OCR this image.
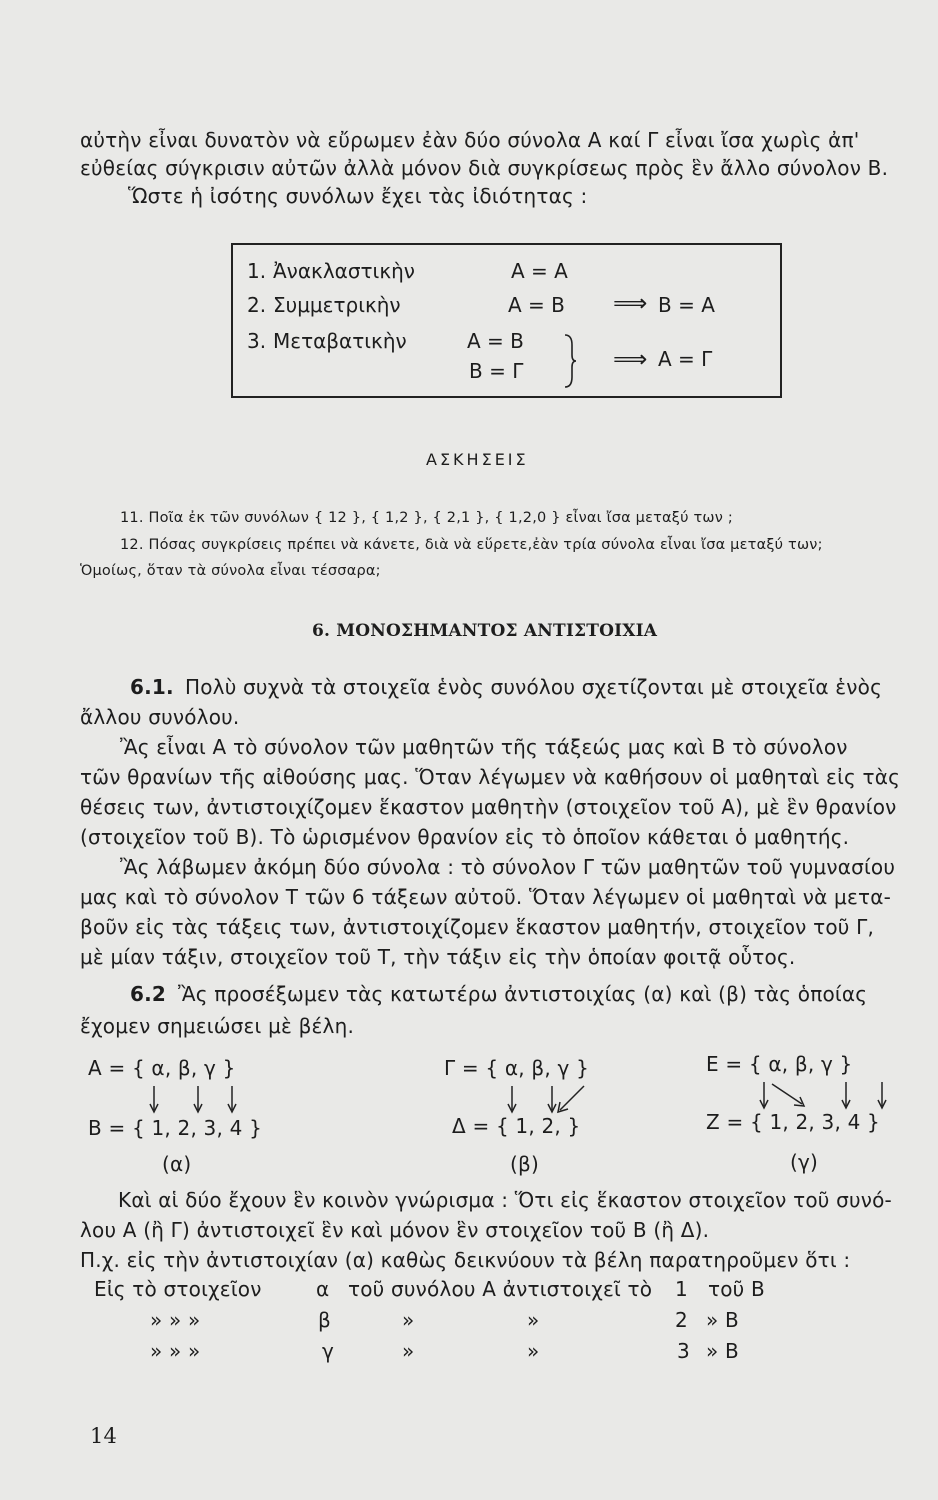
αὐτὴν εἶναι δυνατὸν νὰ εὔρωμεν ἐὰν δύο σύνολα Α καί Γ εἶναι ἴσα χωρὶς ἀπ'
εὐθείας σύγκρισιν αὐτῶν ἀλλὰ μόνον διὰ συγκρίσεως πρὸς ἓν ἄλλο σύνολον Β.
Ὥστε ἡ ἰσότης συνόλων ἔχει τὰς ἰδιότητας :
1. Ἀνακλαστικὴν	Α = Α
2. Συμμετρικὴν	Α = Β ⟹ Β = Α
3. Μεταβατικὴν	Α = Β
Β = Γ	⟹ Α = Γ
ΑΣΚΗΣΕΙΣ
11. Ποῖα ἐκ τῶν συνόλων { 12 }, { 1,2 }, { 2,1 }, { 1,2,0 } εἶναι ἴσα μεταξύ των ;
12. Πόσας συγκρίσεις πρέπει νὰ κάνετε, διὰ νὰ εὕρετε,ἐὰν τρία σύνολα εἶναι ἴσα μεταξύ των;
Ὁμοίως, ὅταν τὰ σύνολα εἶναι τέσσαρα;
6. ΜΟΝΟΣΗΜΑΝΤΟΣ ΑΝΤΙΣΤΟΙΧΙΑ
6.1. Πολὺ συχνὰ τὰ στοιχεῖα ἑνὸς συνόλου σχετίζονται μὲ στοιχεῖα ἑνὸς
ἄλλου συνόλου.
Ἂς εἶναι Α τὸ σύνολον τῶν μαθητῶν τῆς τάξεώς μας καὶ Β τὸ σύνολον
τῶν θρανίων τῆς αἰθούσης μας. Ὅταν λέγωμεν νὰ καθήσουν οἱ μαθηταὶ εἰς τὰς
θέσεις των, ἀντιστοιχίζομεν ἕκαστον μαθητὴν (στοιχεῖον τοῦ Α), μὲ ἓν θρανίον
(στοιχεῖον τοῦ Β). Τὸ ὡρισμένον θρανίον εἰς τὸ ὁποῖον κάθεται ὁ μαθητής.
Ἂς λάβωμεν ἀκόμη δύο σύνολα : τὸ σύνολον Γ τῶν μαθητῶν τοῦ γυμνασίου
μας καὶ τὸ σύνολον Τ τῶν 6 τάξεων αὐτοῦ. Ὅταν λέγωμεν οἱ μαθηταὶ νὰ μετα-
βοῦν εἰς τὰς τάξεις των, ἀντιστοιχίζομεν ἕκαστον μαθητήν, στοιχεῖον τοῦ Γ,
μὲ μίαν τάξιν, στοιχεῖον τοῦ Τ, τὴν τάξιν εἰς τὴν ὁποίαν φοιτᾷ οὗτος.
6.2 Ἂς προσέξωμεν τὰς κατωτέρω ἀντιστοιχίας (α) καὶ (β) τὰς ὁποίας
ἔχομεν σημειώσει μὲ βέλη.
Α = { α, β, γ }
Β = { 1, 2, 3, 4 }
(α)
Γ = { α, β, γ }
Δ = { 1, 2, }
(β)
Ε = { α, β, γ }
Ζ = { 1, 2, 3, 4 }
(γ)
Καὶ αἱ δύο ἔχουν ἓν κοινὸν γνώρισμα : Ὅτι εἰς ἕκαστον στοιχεῖον τοῦ συνό-
λου Α (ἢ Γ) ἀντιστοιχεῖ ἓν καὶ μόνον ἓν στοιχεῖον τοῦ Β (ἢ Δ).
Π.χ. εἰς τὴν ἀντιστοιχίαν (α) καθὼς δεικνύουν τὰ βέλη παρατηροῦμεν ὅτι :
Εἰς τὸ στοιχεῖον	α τοῦ συνόλου Α ἀντιστοιχεῖ τὸ 1 τοῦ Β
» » »	β	»	»	2 » Β
» » »	γ	»	»	3 » Β
14
